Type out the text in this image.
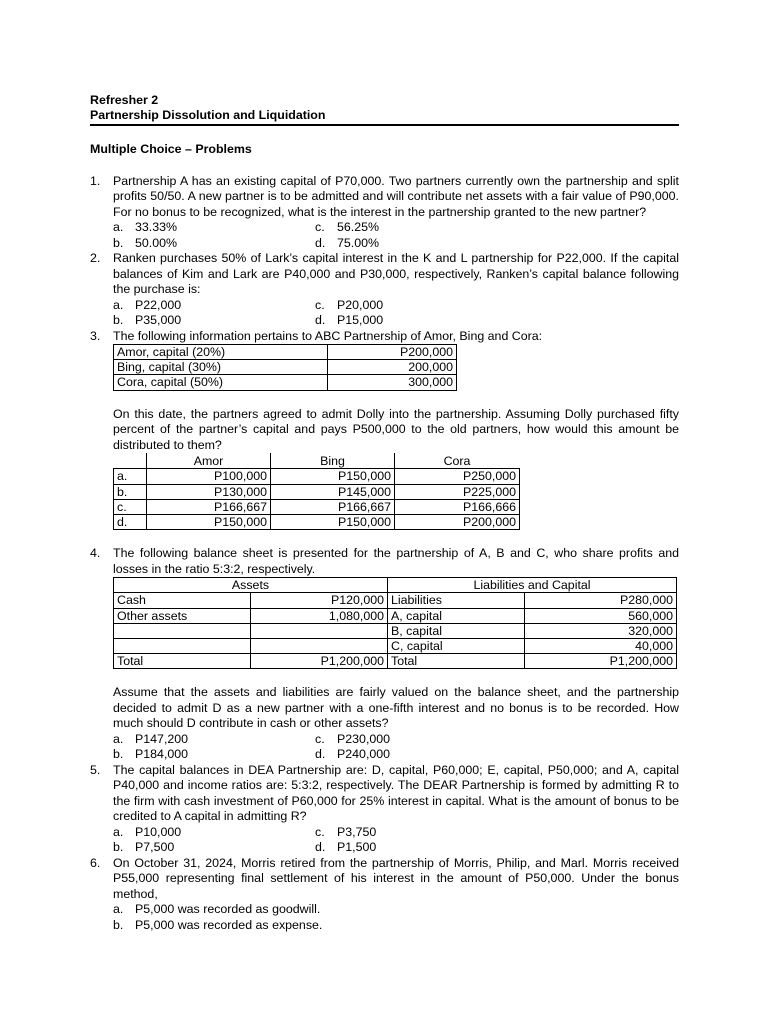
Refresher 2
Partnership Dissolution and Liquidation
Multiple Choice – Problems
1.	Partnership A has an existing capital of P70,000. Two partners currently own the partnership and split profits 50/50. A new partner is to be admitted and will contribute net assets with a fair value of P90,000. For no bonus to be recognized, what is the interest in the partnership granted to the new partner?
a. 33.33%	c. 56.25%
b. 50.00%	d. 75.00%
2.	Ranken purchases 50% of Lark’s capital interest in the K and L partnership for P22,000. If the capital balances of Kim and Lark are P40,000 and P30,000, respectively, Ranken’s capital balance following the purchase is:
a. P22,000	c. P20,000
b. P35,000	d. P15,000
3.	The following information pertains to ABC Partnership of Amor, Bing and Cora:
Amor, capital (20%)	P200,000
Bing, capital (30%)	200,000
Cora, capital (50%)	300,000
On this date, the partners agreed to admit Dolly into the partnership. Assuming Dolly purchased fifty percent of the partner’s capital and pays P500,000 to the old partners, how would this amount be distributed to them?
	Amor	Bing	Cora
a.	P100,000	P150,000	P250,000
b.	P130,000	P145,000	P225,000
c.	P166,667	P166,667	P166,666
d.	P150,000	P150,000	P200,000
4.	The following balance sheet is presented for the partnership of A, B and C, who share profits and losses in the ratio 5:3:2, respectively.
Assets		Liabilities and Capital	
Cash	P120,000	Liabilities	P280,000
Other assets	1,080,000	A, capital	560,000
		B, capital	320,000
		C, capital	40,000
Total	P1,200,000	Total	P1,200,000
Assume that the assets and liabilities are fairly valued on the balance sheet, and the partnership decided to admit D as a new partner with a one-fifth interest and no bonus is to be recorded. How much should D contribute in cash or other assets?
a. P147,200	c. P230,000
b. P184,000	d. P240,000
5.	The capital balances in DEA Partnership are: D, capital, P60,000; E, capital, P50,000; and A, capital P40,000 and income ratios are: 5:3:2, respectively. The DEAR Partnership is formed by admitting R to the firm with cash investment of P60,000 for 25% interest in capital. What is the amount of bonus to be credited to A capital in admitting R?
a. P10,000	c. P3,750
b. P7,500	d. P1,500
6.	On October 31, 2024, Morris retired from the partnership of Morris, Philip, and Marl. Morris received P55,000 representing final settlement of his interest in the amount of P50,000. Under the bonus method,
a. P5,000 was recorded as goodwill.
b. P5,000 was recorded as expense.
